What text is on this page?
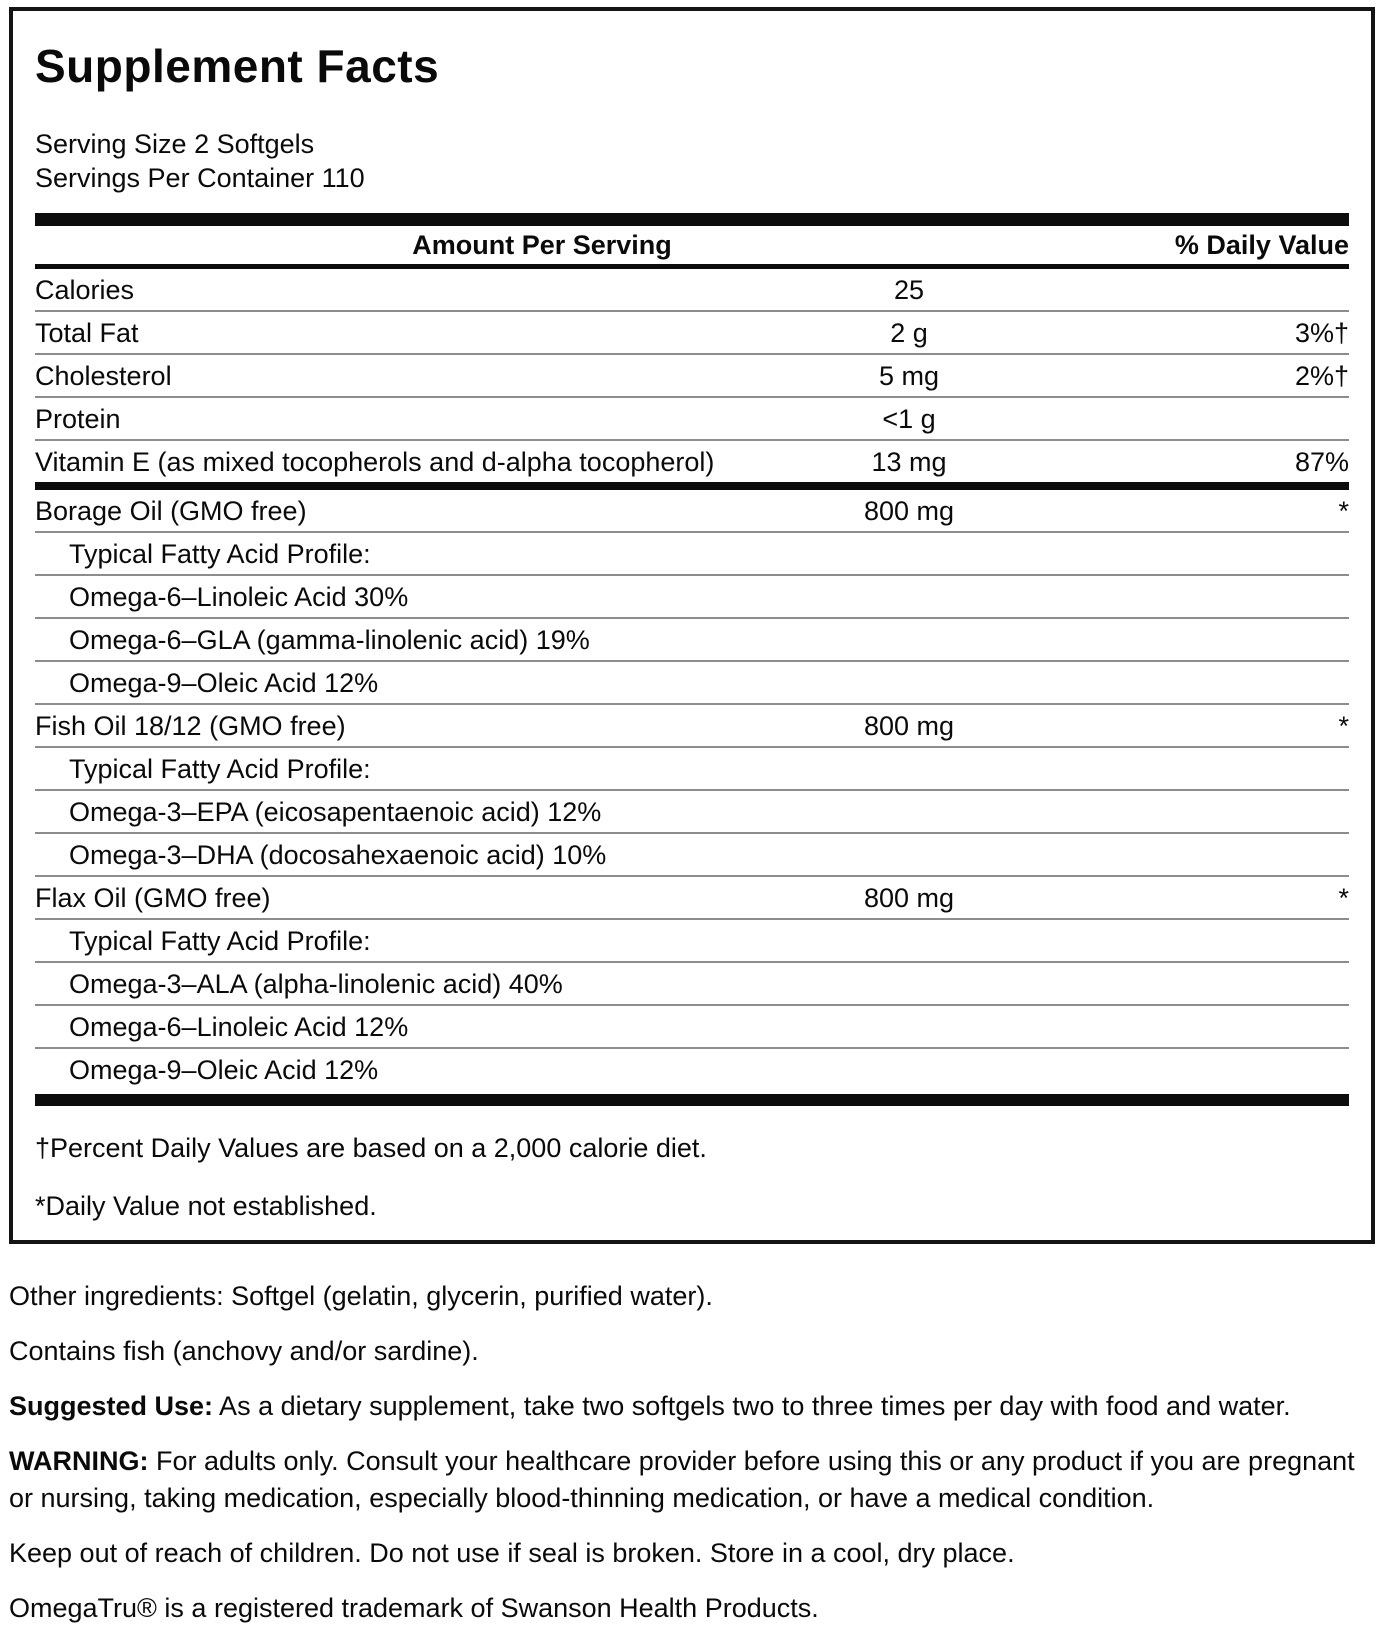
Supplement Facts
Serving Size 2 Softgels
Servings Per Container 110
Amount Per Serving	% Daily Value
Calories	25
Total Fat	2 g	3%†
Cholesterol	5 mg	2%†
Protein	<1 g
Vitamin E (as mixed tocopherols and d-alpha tocopherol)	13 mg	87%
Borage Oil (GMO free)	800 mg	*
Typical Fatty Acid Profile:
Omega-6–Linoleic Acid 30%
Omega-6–GLA (gamma-linolenic acid) 19%
Omega-9–Oleic Acid 12%
Fish Oil 18/12 (GMO free)	800 mg	*
Typical Fatty Acid Profile:
Omega-3–EPA (eicosapentaenoic acid) 12%
Omega-3–DHA (docosahexaenoic acid) 10%
Flax Oil (GMO free)	800 mg	*
Typical Fatty Acid Profile:
Omega-3–ALA (alpha-linolenic acid) 40%
Omega-6–Linoleic Acid 12%
Omega-9–Oleic Acid 12%
†Percent Daily Values are based on a 2,000 calorie diet.
*Daily Value not established.

Other ingredients: Softgel (gelatin, glycerin, purified water).

Contains fish (anchovy and/or sardine).

Suggested Use: As a dietary supplement, take two softgels two to three times per day with food and water.

WARNING: For adults only. Consult your healthcare provider before using this or any product if you are pregnant or nursing, taking medication, especially blood-thinning medication, or have a medical condition.

Keep out of reach of children. Do not use if seal is broken. Store in a cool, dry place.

OmegaTru® is a registered trademark of Swanson Health Products.
